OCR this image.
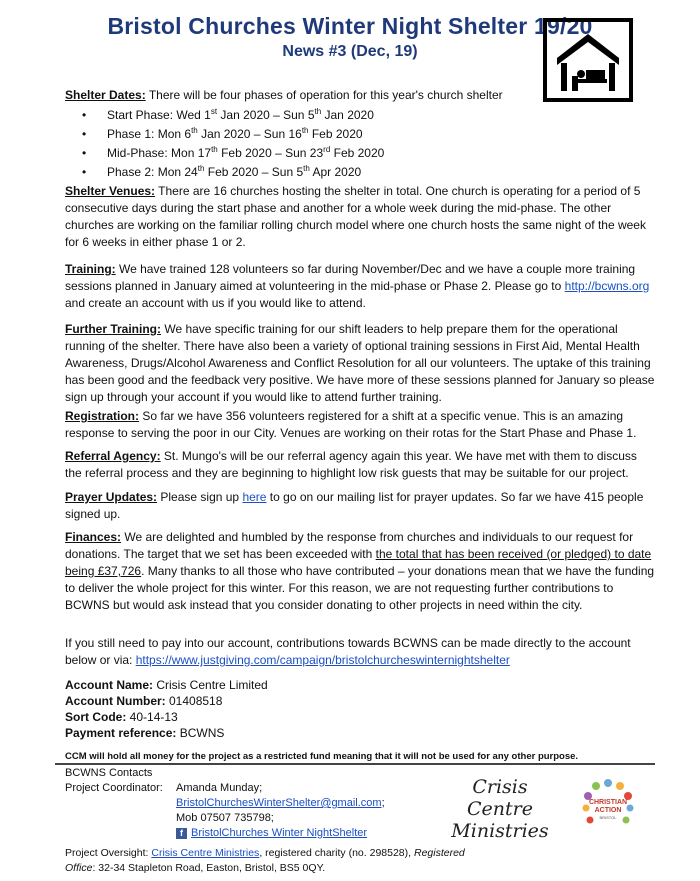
Bristol Churches Winter Night Shelter 19/20
News #3 (Dec, 19)
Shelter Dates: There will be four phases of operation for this year's church shelter
• Start Phase: Wed 1st Jan 2020 – Sun 5th Jan 2020
• Phase 1: Mon 6th Jan 2020 – Sun 16th Feb 2020
• Mid-Phase: Mon 17th Feb 2020 – Sun 23rd Feb 2020
• Phase 2: Mon 24th Feb 2020 – Sun 5th Apr 2020
Shelter Venues: There are 16 churches hosting the shelter in total. One church is operating for a period of 5 consecutive days during the start phase and another for a whole week during the mid-phase. The other churches are working on the familiar rolling church model where one church hosts the same night of the week for 6 weeks in either phase 1 or 2.
Training: We have trained 128 volunteers so far during November/Dec and we have a couple more training sessions planned in January aimed at volunteering in the mid-phase or Phase 2. Please go to http://bcwns.org and create an account with us if you would like to attend.
Further Training: We have specific training for our shift leaders to help prepare them for the operational running of the shelter. There have also been a variety of optional training sessions in First Aid, Mental Health Awareness, Drugs/Alcohol Awareness and Conflict Resolution for all our volunteers. The uptake of this training has been good and the feedback very positive. We have more of these sessions planned for January so please sign up through your account if you would like to attend further training.
Registration: So far we have 356 volunteers registered for a shift at a specific venue. This is an amazing response to serving the poor in our City. Venues are working on their rotas for the Start Phase and Phase 1.
Referral Agency: St. Mungo's will be our referral agency again this year. We have met with them to discuss the referral process and they are beginning to highlight low risk guests that may be suitable for our project.
Prayer Updates: Please sign up here to go on our mailing list for prayer updates. So far we have 415 people signed up.
Finances: We are delighted and humbled by the response from churches and individuals to our request for donations. The target that we set has been exceeded with the total that has been received (or pledged) to date being £37,726. Many thanks to all those who have contributed – your donations mean that we have the funding to deliver the whole project for this winter. For this reason, we are not requesting further contributions to BCWNS but would ask instead that you consider donating to other projects in need within the city.
If you still need to pay into our account, contributions towards BCWNS can be made directly to the account below or via: https://www.justgiving.com/campaign/bristolchurcheswinternightshelter
Account Name: Crisis Centre Limited
Account Number: 01408518
Sort Code: 40-14-13
Payment reference: BCWNS
CCM will hold all money for the project as a restricted fund meaning that it will not be used for any other purpose.
BCWNS Contacts
Project Coordinator: Amanda Munday;
BristolChurchesWinterShelter@gmail.com;
Mob 07507 735798;
f BristolChurches Winter NightShelter
Crisis Centre
Ministries
CHRISTIAN
ACTION
BRISTOL
Project Oversight: Crisis Centre Ministries, registered charity (no. 298528), Registered
Office: 32-34 Stapleton Road, Easton, Bristol, BS5 0QY.
